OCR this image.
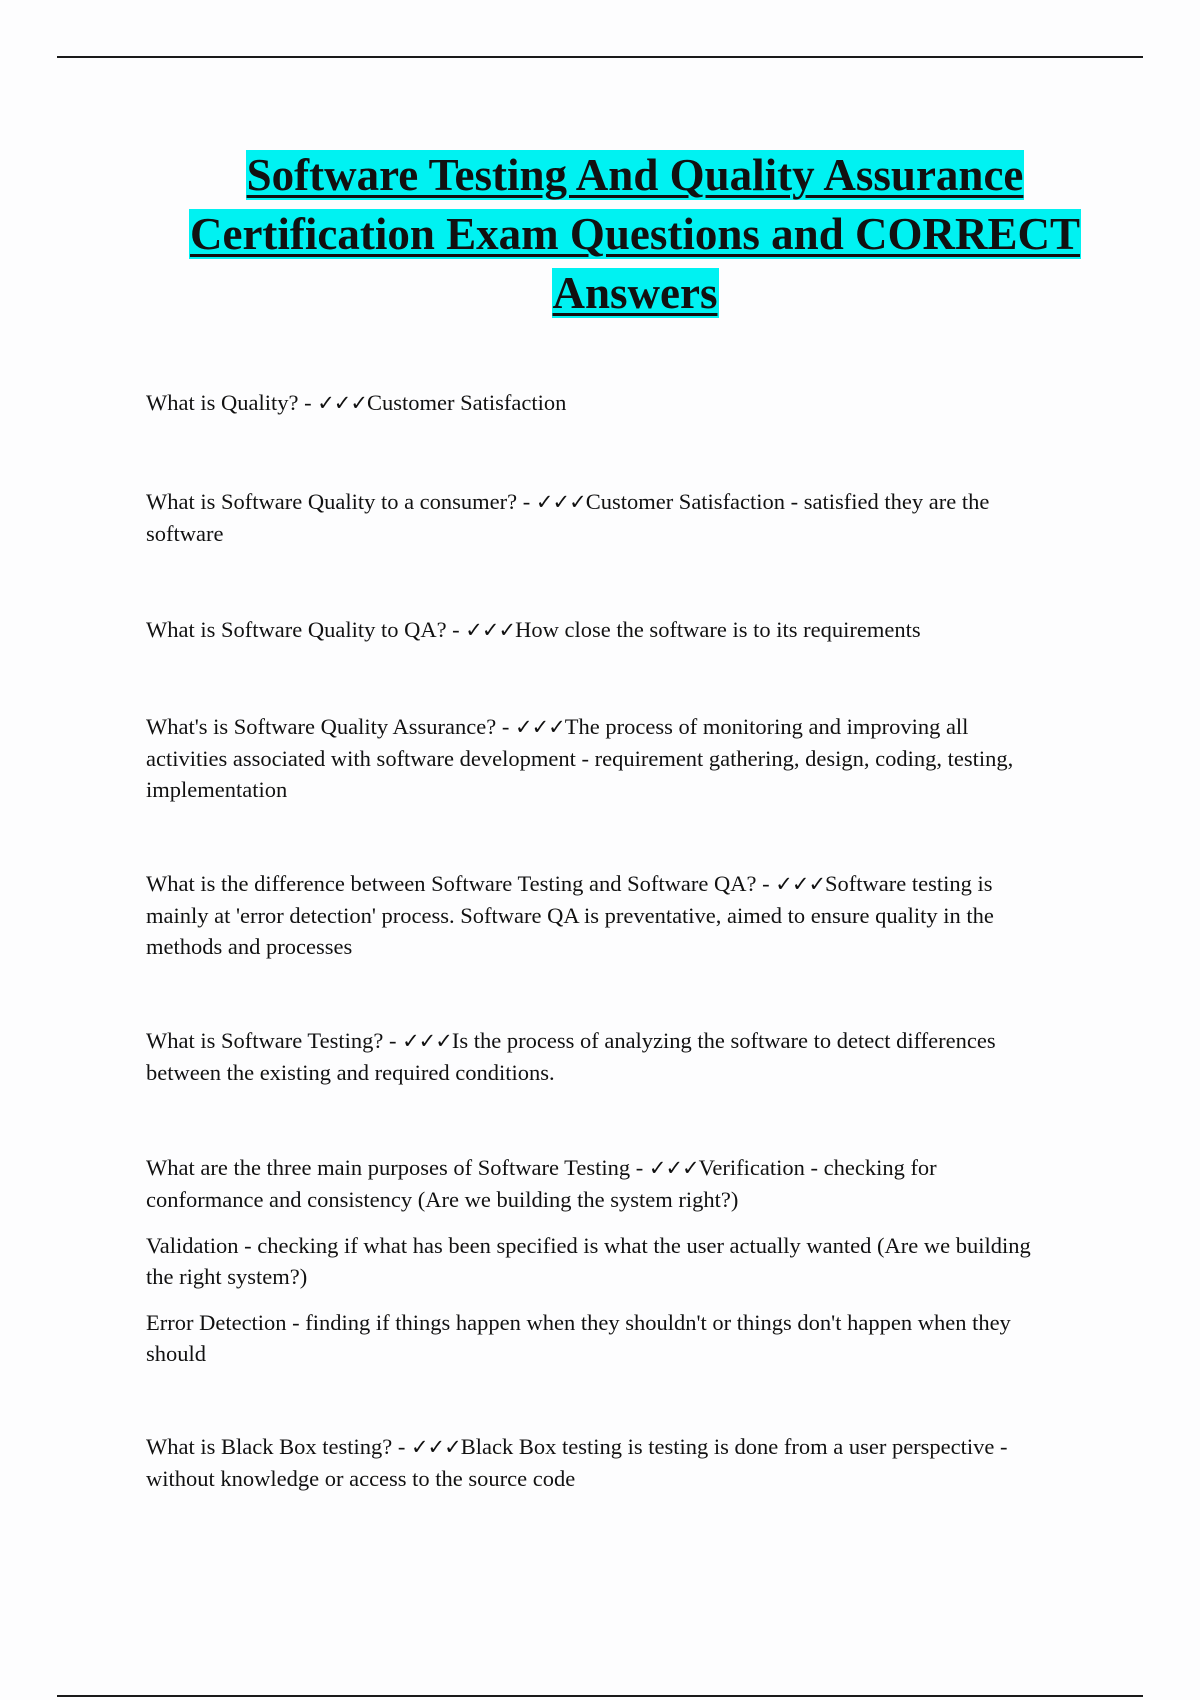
Software Testing And Quality Assurance Certification Exam Questions and CORRECT Answers

What is Quality? - ✓✓✓Customer Satisfaction

What is Software Quality to a consumer? - ✓✓✓Customer Satisfaction - satisfied they are the software

What is Software Quality to QA? - ✓✓✓How close the software is to its requirements

What's is Software Quality Assurance? - ✓✓✓The process of monitoring and improving all activities associated with software development - requirement gathering, design, coding, testing, implementation

What is the difference between Software Testing and Software QA? - ✓✓✓Software testing is mainly at 'error detection' process. Software QA is preventative, aimed to ensure quality in the methods and processes

What is Software Testing? - ✓✓✓Is the process of analyzing the software to detect differences between the existing and required conditions.

What are the three main purposes of Software Testing - ✓✓✓Verification - checking for conformance and consistency (Are we building the system right?)

Validation - checking if what has been specified is what the user actually wanted (Are we building the right system?)

Error Detection - finding if things happen when they shouldn't or things don't happen when they should

What is Black Box testing? - ✓✓✓Black Box testing is testing is done from a user perspective - without knowledge or access to the source code
